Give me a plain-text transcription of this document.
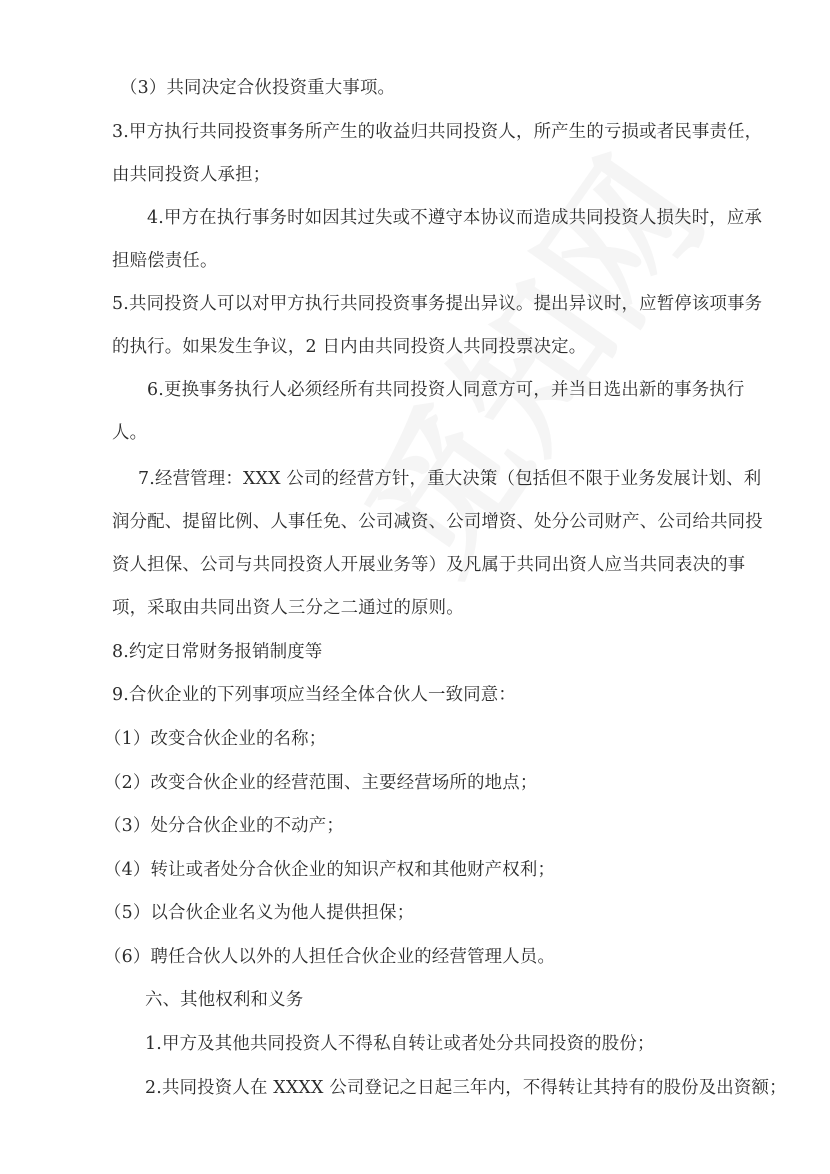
（3）共同决定合伙投资重大事项。
3.甲方执行共同投资事务所产生的收益归共同投资人，所产生的亏损或者民事责任，
由共同投资人承担；
4.甲方在执行事务时如因其过失或不遵守本协议而造成共同投资人损失时，应承
担赔偿责任。
5.共同投资人可以对甲方执行共同投资事务提出异议。提出异议时，应暂停该项事务
的执行。如果发生争议，2 日内由共同投资人共同投票决定。
6.更换事务执行人必须经所有共同投资人同意方可，并当日选出新的事务执行
人。
7.经营管理：XXX 公司的经营方针，重大决策（包括但不限于业务发展计划、利
润分配、提留比例、人事任免、公司减资、公司增资、处分公司财产、公司给共同投
资人担保、公司与共同投资人开展业务等）及凡属于共同出资人应当共同表决的事
项，采取由共同出资人三分之二通过的原则。
8.约定日常财务报销制度等
9.合伙企业的下列事项应当经全体合伙人一致同意：
（1）改变合伙企业的名称；
（2）改变合伙企业的经营范围、主要经营场所的地点；
（3）处分合伙企业的不动产；
（4）转让或者处分合伙企业的知识产权和其他财产权利；
（5）以合伙企业名义为他人提供担保；
（6）聘任合伙人以外的人担任合伙企业的经营管理人员。
六、其他权利和义务
1.甲方及其他共同投资人不得私自转让或者处分共同投资的股份；
2.共同投资人在 XXXX 公司登记之日起三年内，不得转让其持有的股份及出资额；
